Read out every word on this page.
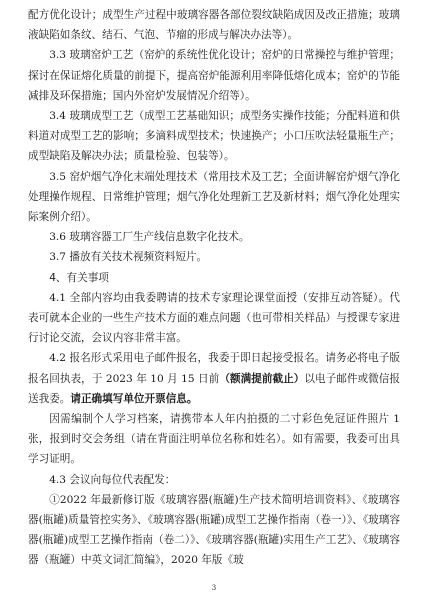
配方优化设计；成型生产过程中玻璃容器各部位裂纹缺陷成因及改正措施；玻璃液缺陷如条纹、结石、气泡、节瘤的形成与解决办法等）。

3.3 玻璃窑炉工艺（窑炉的系统性优化设计；窑炉的日常操控与维护管理；探讨在保证熔化质量的前提下，提高窑炉能源利用率降低熔化成本；窑炉的节能减排及环保措施；国内外窑炉发展情况介绍等）。

3.4 玻璃成型工艺（成型工艺基础知识；成型务实操作技能；分配料道和供料道对成型工艺的影响；多滴料成型技术；快速换产；小口压吹法轻量瓶生产；成型缺陷及解决办法；质量检验、包装等）。

3.5 窑炉烟气净化末端处理技术（常用技术及工艺；全面讲解窑炉烟气净化处理操作规程、日常维护管理；烟气净化处理新工艺及新材料；烟气净化处理实际案例介绍）。

3.6 玻璃容器工厂生产线信息数字化技术。

3.7 播放有关技术视频资料短片。

4、有关事项

4.1 全部内容均由我委聘请的技术专家理论课堂面授（安排互动答疑）。代表可就本企业的一些生产技术方面的难点问题（也可带相关样品）与授课专家进行讨论交流，会议内容非常丰富。

4.2 报名形式采用电子邮件报名，我委于即日起接受报名。请务必将电子版报名回执表，于 2023 年 10 月 15 日前（额满提前截止）以电子邮件或微信报送我委。请正确填写单位开票信息。

因需编制个人学习档案，请携带本人年内拍摄的二寸彩色免冠证件照片 1 张，报到时交会务组（请在背面注明单位名称和姓名）。如有需要，我委可出具学习证明。

4.3 会议向每位代表配发：

①2022 年最新修订版《玻璃容器(瓶罐)生产技术简明培训资料》、《玻璃容器(瓶罐)质量管控实务》、《玻璃容器(瓶罐)成型工艺操作指南（卷一）》、《玻璃容器(瓶罐)成型工艺操作指南（卷二）》、《玻璃容器(瓶罐)实用生产工艺》、《玻璃容器（瓶罐）中英文词汇简编》，2020 年版《玻

3
